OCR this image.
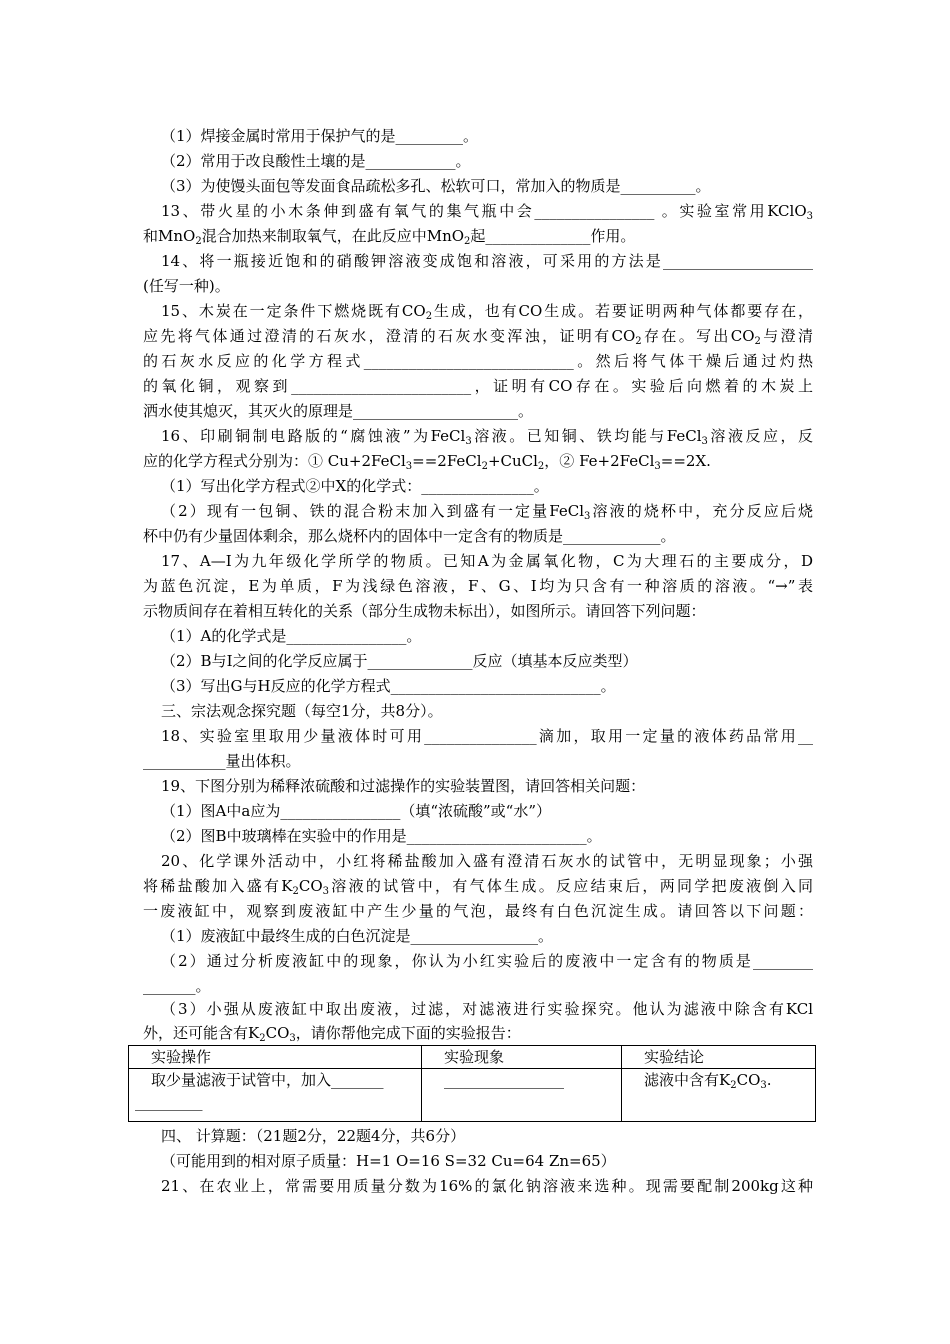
（1）焊接金属时常用于保护气的是_________。
（2）常用于改良酸性土壤的是____________。
（3）为使馒头面包等发面食品疏松多孔、松软可口，常加入的物质是__________。
13、带火星的小木条伸到盛有氧气的集气瓶中会________________ 。实验室常用KClO$_3$
和MnO$_2$混合加热来制取氧气，在此反应中MnO$_2$起______________作用。
14、将一瓶接近饱和的硝酸钾溶液变成饱和溶液，可采用的方法是____________________
(任写一种)。
15、木炭在一定条件下燃烧既有$CO_2$生成，也有CO生成。若要证明两种气体都要存在，
应先将气体通过澄清的石灰水，澄清的石灰水变浑浊，证明有$CO_2$存在。写出$CO_2$与澄清
的石灰水反应的化学方程式____________________________。然后将气体干燥后通过灼热
的氧化铜，观察到________________________，证明有CO存在。实验后向燃着的木炭上
洒水使其熄灭，其灭火的原理是______________________。
16、印刷铜制电路版的“腐蚀液”为FeCl$_3$溶液。已知铜、铁均能与FeCl$_3$溶液反应，反
应的化学方程式分别为：① Cu+2FeCl$_3$==2FeCl$_2$+CuCl$_2$，② Fe+2FeCl$_3$==2X.
（1）写出化学方程式②中X的化学式：_______________。
（2）现有一包铜、铁的混合粉末加入到盛有一定量FeCl$_3$溶液的烧杯中，充分反应后烧
杯中仍有少量固体剩余，那么烧杯内的固体中一定含有的物质是_____________。
17、A—I为九年级化学所学的物质。已知A为金属氧化物，C为大理石的主要成分，D
为蓝色沉淀，E为单质，F为浅绿色溶液，F、G、I均为只含有一种溶质的溶液。“→”表
示物质间存在着相互转化的关系（部分生成物未标出），如图所示。请回答下列问题：
（1）A的化学式是________________。
（2）B与I之间的化学反应属于______________反应（填基本反应类型）
（3）写出G与H反应的化学方程式____________________________。
三、宗法观念探究题（每空1分，共8分）。
18、实验室里取用少量液体时可用_______________滴加，取用一定量的液体药品常用__
___________量出体积。
19、下图分别为稀释浓硫酸和过滤操作的实验装置图，请回答相关问题：
（1）图A中a应为________________（填“浓硫酸”或“水”）
（2）图B中玻璃棒在实验中的作用是________________________。
20、化学课外活动中，小红将稀盐酸加入盛有澄清石灰水的试管中，无明显现象；小强
将稀盐酸加入盛有$K_2CO_3$溶液的试管中，有气体生成。反应结束后，两同学把废液倒入同
一废液缸中，观察到废液缸中产生少量的气泡，最终有白色沉淀生成。请回答以下问题：
（1）废液缸中最终生成的白色沉淀是_________________。
（2）通过分析废液缸中的现象，你认为小红实验后的废液中一定含有的物质是________
_______。
（3）小强从废液缸中取出废液，过滤，对滤液进行实验探究。他认为滤液中除含有KCl
外，还可能含有$K_2CO_3$，请你帮他完成下面的实验报告：
实验操作	实验现象	实验结论

取少量滤液于试管中，加入_______
_________	________________	滤液中含有$K_2CO_3$.
四、 计算题：（21题2分，22题4分，共6分）
（可能用到的相对原子质量：H=1 O=16 S=32 Cu=64 Zn=65）
21、在农业上，常需要用质量分数为16%的氯化钠溶液来选种。现需要配制200kg这种
